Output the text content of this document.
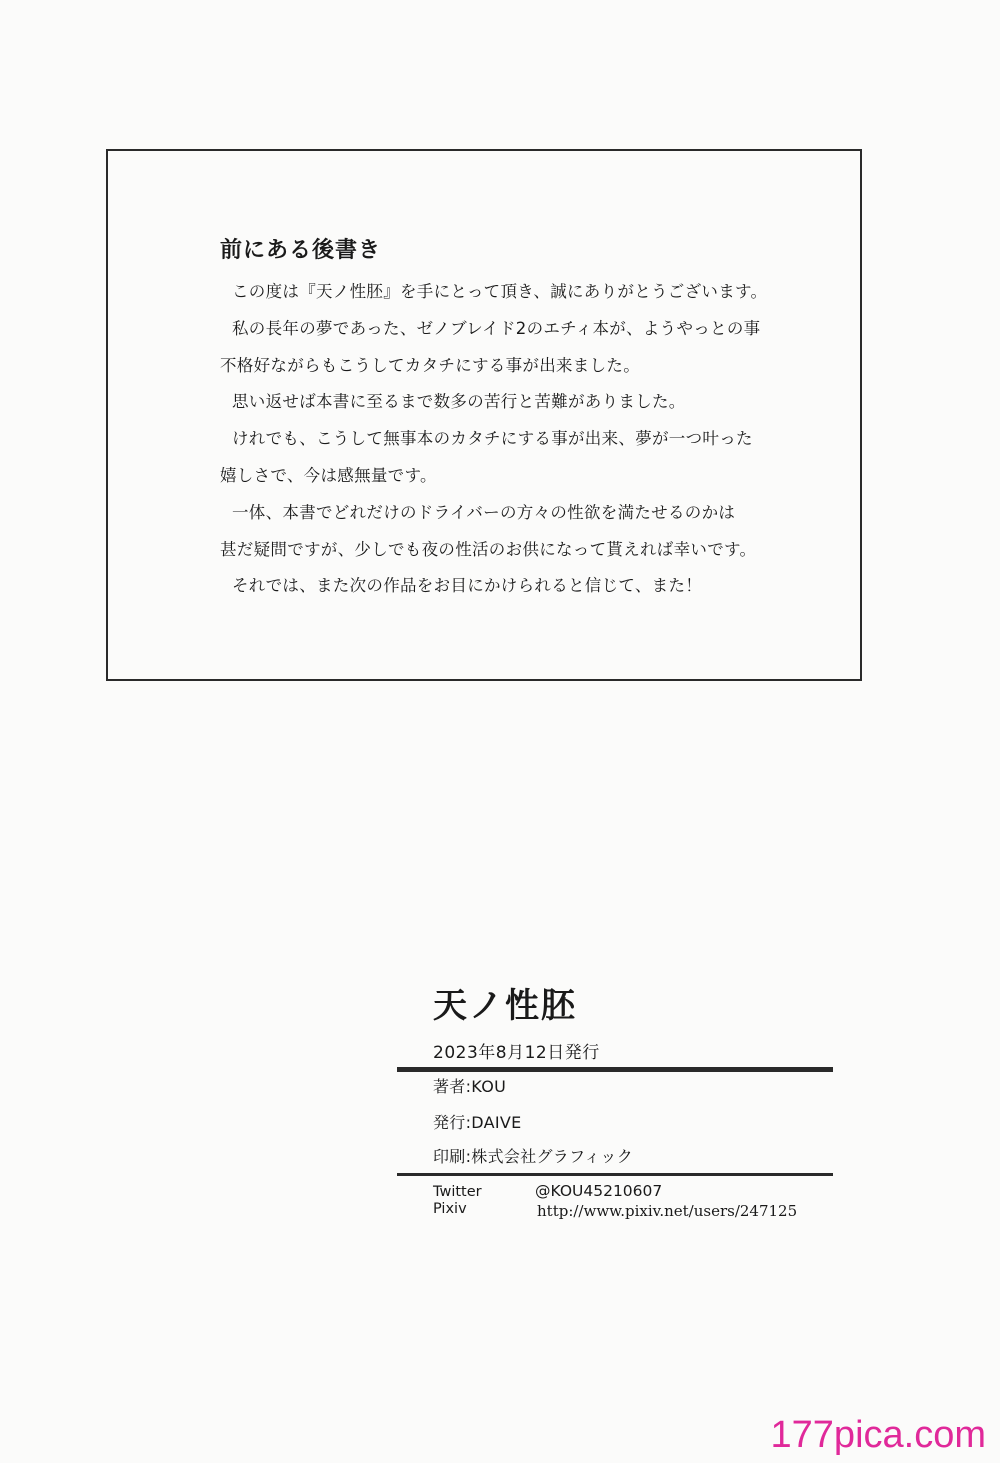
前にある後書き
この度は『天ノ性胚』を手にとって頂き、誠にありがとうございます。
私の長年の夢であった、ゼノブレイド2のエチィ本が、ようやっとの事
不格好ながらもこうしてカタチにする事が出来ました。
思い返せば本書に至るまで数多の苦行と苦難がありました。
けれでも、こうして無事本のカタチにする事が出来、夢が一つ叶った
嬉しさで、今は感無量です。
一体、本書でどれだけのドライバーの方々の性欲を満たせるのかは
甚だ疑問ですが、少しでも夜の性活のお供になって貰えれば幸いです。
それでは、また次の作品をお目にかけられると信じて、また！
天ノ性胚
2023年8月12日発行
著者:KOU
発行:DAIVE
印刷:株式会社グラフィック
Twitter	@KOU45210607
Pixiv	http://www.pixiv.net/users/247125
177pica.com
